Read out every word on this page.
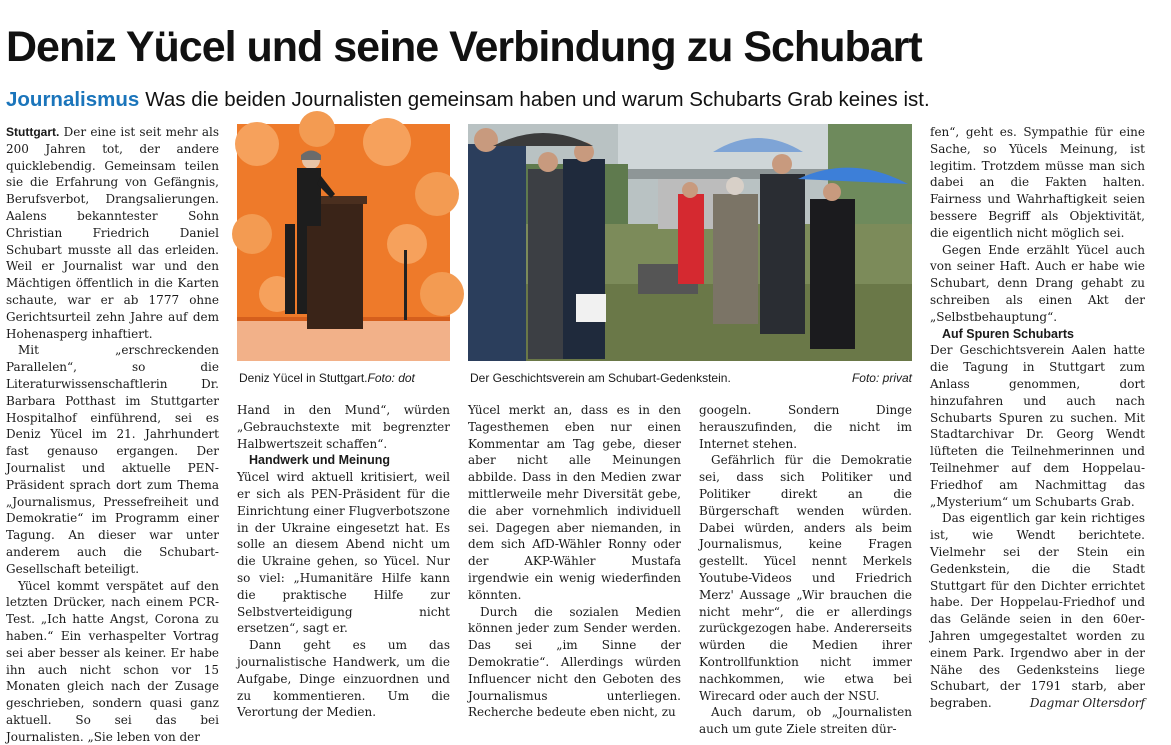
Deniz Yücel und seine Verbindung zu Schubart
Journalismus Was die beiden Journalisten gemeinsam haben und warum Schubarts Grab keines ist.

Stuttgart. Der eine ist seit mehr als 200 Jahren tot, der andere quicklebendig. Gemeinsam teilen sie die Erfahrung von Gefängnis, Berufsverbot, Drangsalierungen. Aalens bekanntester Sohn Christian Friedrich Daniel Schubart musste all das erleiden. Weil er Journalist war und den Mächtigen öffentlich in die Karten schaute, war er ab 1777 ohne Gerichtsurteil zehn Jahre auf dem Hohenasperg inhaftiert.

Mit „erschreckenden Parallelen“, so die Literaturwissenschaftlerin Dr. Barbara Potthast im Stuttgarter Hospitalhof einführend, sei es Deniz Yücel im 21. Jahrhundert fast genauso ergangen. Der Journalist und aktuelle PEN-Präsident sprach dort zum Thema „Journalismus, Pressefreiheit und Demokratie“ im Programm einer Tagung. An dieser war unter anderem auch die Schubart-Gesellschaft beteiligt.

Yücel kommt verspätet auf den letzten Drücker, nach einem PCR-Test. „Ich hatte Angst, Corona zu haben.“ Ein verhaspelter Vortrag sei aber besser als keiner. Er habe ihn auch nicht schon vor 15 Monaten gleich nach der Zusage geschrieben, sondern quasi ganz aktuell. So sei das bei Journalisten. „Sie leben von der

Deniz Yücel in Stuttgart.Foto: dot	Der Geschichtsverein am Schubart-Gedenkstein.	Foto: privat

Hand in den Mund“, würden „Gebrauchstexte mit begrenzter Halbwertszeit schaffen“.

Handwerk und Meinung

Yücel wird aktuell kritisiert, weil er sich als PEN-Präsident für die Einrichtung einer Flugverbotszone in der Ukraine eingesetzt hat. Es solle an diesem Abend nicht um die Ukraine gehen, so Yücel. Nur so viel: „Humanitäre Hilfe kann die praktische Hilfe zur Selbstverteidigung nicht ersetzen“, sagt er.

Dann geht es um das journalistische Handwerk, um die Aufgabe, Dinge einzuordnen und zu kommentieren. Um die Verortung der Medien.

Yücel merkt an, dass es in den Tagesthemen eben nur einen Kommentar am Tag gebe, dieser aber nicht alle Meinungen abbilde. Dass in den Medien zwar mittlerweile mehr Diversität gebe, die aber vornehmlich individuell sei. Dagegen aber niemanden, in dem sich AfD-Wähler Ronny oder der AKP-Wähler Mustafa irgendwie ein wenig wiederfinden könnten.

Durch die sozialen Medien können jeder zum Sender werden. Das sei „im Sinne der Demokratie“. Allerdings würden Influencer nicht den Geboten des Journalismus unterliegen. Recherche bedeute eben nicht, zu

googeln. Sondern Dinge herauszufinden, die nicht im Internet stehen.

Gefährlich für die Demokratie sei, dass sich Politiker und Politiker direkt an die Bürgerschaft wenden würden. Dabei würden, anders als beim Journalismus, keine Fragen gestellt. Yücel nennt Merkels Youtube-Videos und Friedrich Merz' Aussage „Wir brauchen die nicht mehr“, die er allerdings zurückgezogen habe. Andererseits würden die Medien ihrer Kontrollfunktion nicht immer nachkommen, wie etwa bei Wirecard oder auch der NSU.

Auch darum, ob „Journalisten auch um gute Ziele streiten dür-

fen“, geht es. Sympathie für eine Sache, so Yücels Meinung, ist legitim. Trotzdem müsse man sich dabei an die Fakten halten. Fairness und Wahrhaftigkeit seien bessere Begriff als Objektivität, die eigentlich nicht möglich sei.

Gegen Ende erzählt Yücel auch von seiner Haft. Auch er habe wie Schubart, denn Drang gehabt zu schreiben als einen Akt der „Selbstbehauptung“.

Auf Spuren Schubarts

Der Geschichtsverein Aalen hatte die Tagung in Stuttgart zum Anlass genommen, dort hinzufahren und auch nach Schubarts Spuren zu suchen. Mit Stadtarchivar Dr. Georg Wendt lüfteten die Teilnehmerinnen und Teilnehmer auf dem Hoppelau-Friedhof am Nachmittag das „Mysterium“ um Schubarts Grab.

Das eigentlich gar kein richtiges ist, wie Wendt berichtete. Vielmehr sei der Stein ein Gedenkstein, die die Stadt Stuttgart für den Dichter errichtet habe. Der Hoppelau-Friedhof und das Gelände seien in den 60er-Jahren umgegestaltet worden zu einem Park. Irgendwo aber in der Nähe des Gedenksteins liege Schubart, der 1791 starb, aber begraben.	Dagmar Oltersdorf
